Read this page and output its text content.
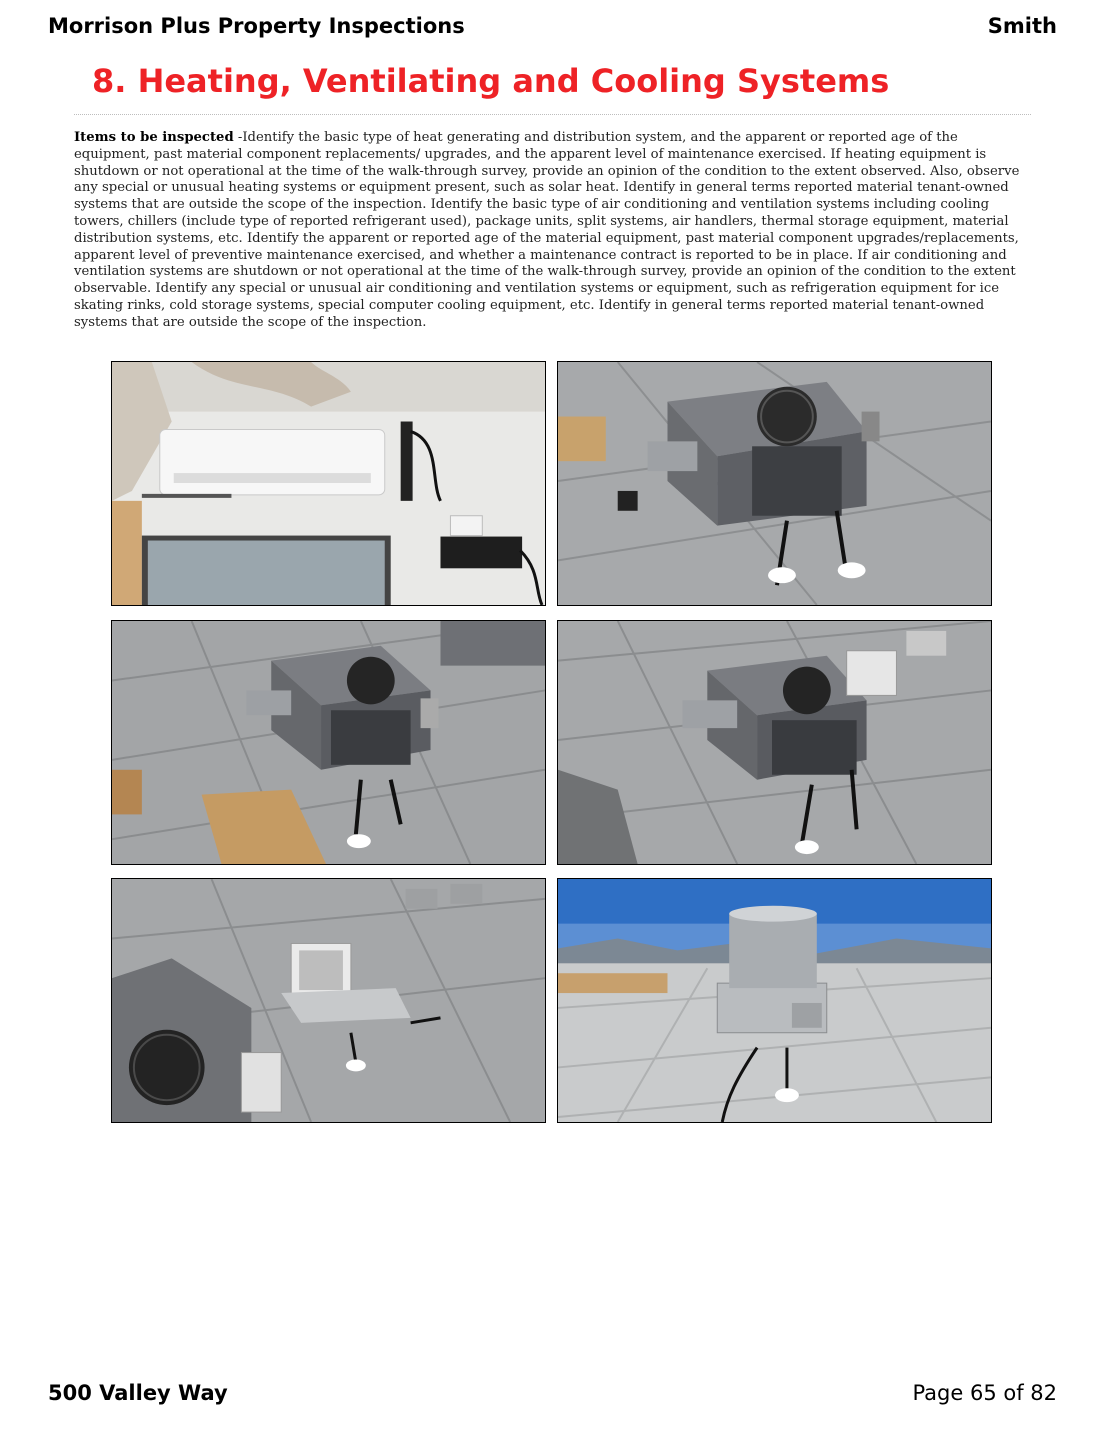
Morrison Plus Property Inspections	Smith
8. Heating, Ventilating and Cooling Systems
Items to be inspected -Identify the basic type of heat generating and distribution system, and the apparent or reported age of the equipment, past material component replacements/ upgrades, and the apparent level of maintenance exercised. If heating equipment is shutdown or not operational at the time of the walk-through survey, provide an opinion of the condition to the extent observed. Also, observe any special or unusual heating systems or equipment present, such as solar heat. Identify in general terms reported material tenant-owned systems that are outside the scope of the inspection. Identify the basic type of air conditioning and ventilation systems including cooling towers, chillers (include type of reported refrigerant used), package units, split systems, air handlers, thermal storage equipment, material distribution systems, etc. Identify the apparent or reported age of the material equipment, past material component upgrades/replacements, apparent level of preventive maintenance exercised, and whether a maintenance contract is reported to be in place. If air conditioning and ventilation systems are shutdown or not operational at the time of the walk-through survey, provide an opinion of the condition to the extent observable. Identify any special or unusual air conditioning and ventilation systems or equipment, such as refrigeration equipment for ice skating rinks, cold storage systems, special computer cooling equipment, etc. Identify in general terms reported material tenant-owned systems that are outside the scope of the inspection.
500 Valley Way	Page 65 of 82
